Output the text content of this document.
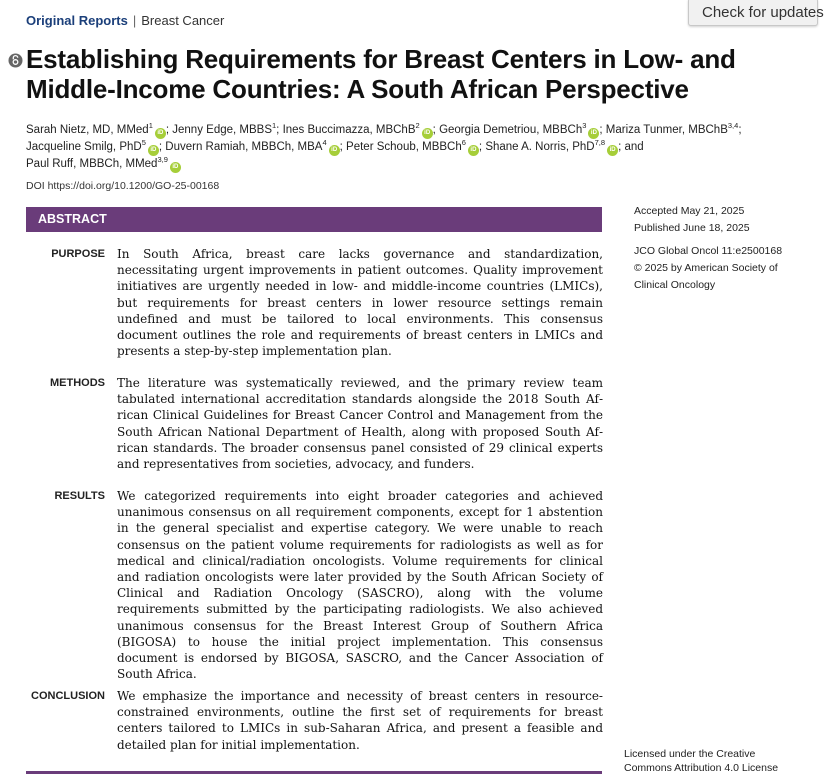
Original Reports | Breast Cancer	Check for updates
Establishing Requirements for Breast Centers in Low- and Middle-Income Countries: A South African Perspective
Sarah Nietz, MD, MMed$^1$iD ; Jenny Edge, MBBS$^1$; Ines Buccimazza, MBChB$^2$iD ; Georgia Demetriou, MBBCh$^3$iD ; Mariza Tunmer, MBChB$^{3,4}$; Jacqueline Smilg, PhD$^5$iD ; Duvern Ramiah, MBBCh, MBA$^4$iD ; Peter Schoub, MBBCh$^6$iD ; Shane A. Norris, PhD$^{7,8}$iD ; and
Paul Ruff, MBBCh, MMed$^{3,9}$iD
DOI https://doi.org/10.1200/GO-25-00168
ABSTRACT
PURPOSE In South Africa, breast care lacks governance and standardization, necessitating urgent improvements in patient outcomes. Quality improvement initiatives are urgently needed in low- and middle-income countries (LMICs), but requirements for breast centers in lower resource settings remain undefined and must be tailored to local environments. This consensus document outlines the role and requirements of breast centers in LMICs and presents a step-by-step implementation plan.
METHODS The literature was systematically reviewed, and the primary review team tabulated international accreditation standards alongside the 2018 South African Clinical Guidelines for Breast Cancer Control and Management from the South African National Department of Health, along with proposed South African standards. The broader consensus panel consisted of 29 clinical experts and representatives from societies, advocacy, and funders.
RESULTS We categorized requirements into eight broader categories and achieved unanimous consensus on all requirement components, except for 1 abstention in the general specialist and expertise category. We were unable to reach consensus on the patient volume requirements for radiologists as well as for medical and clinical/radiation oncologists. Volume requirements for clinical and radiation oncologists were later provided by the South African Society of Clinical and Radiation Oncology (SASCRO), along with the volume requirements submitted by the participating radiologists. We also achieved unanimous consensus for the Breast Interest Group of Southern Africa (BIGOSA) to house the initial project implementation. This consensus document is endorsed by BIGOSA, SASCRO, and the Cancer Association of South Africa.
CONCLUSION We emphasize the importance and necessity of breast centers in resource-constrained environments, outline the first set of requirements for breast centers tailored to LMICs in sub-Saharan Africa, and present a feasible and detailed plan for initial implementation.

Accepted May 21, 2025

Published June 18, 2025

JCO Global Oncol 11:e2500168

© 2025 by American Society of Clinical Oncology

Licensed under the Creative Commons Attribution 4.0 License
